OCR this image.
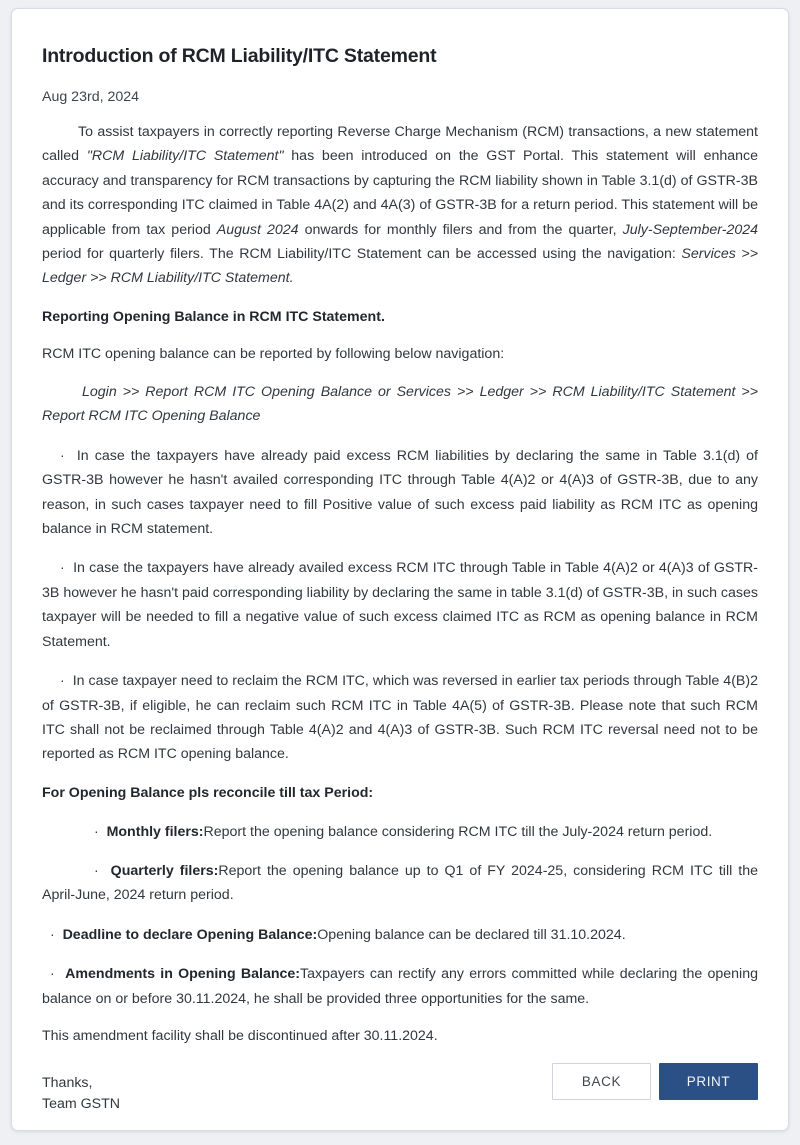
Introduction of RCM Liability/ITC Statement
Aug 23rd, 2024

To assist taxpayers in correctly reporting Reverse Charge Mechanism (RCM) transactions, a new statement called "RCM Liability/ITC Statement" has been introduced on the GST Portal. This statement will enhance accuracy and transparency for RCM transactions by capturing the RCM liability shown in Table 3.1(d) of GSTR-3B and its corresponding ITC claimed in Table 4A(2) and 4A(3) of GSTR-3B for a return period. This statement will be applicable from tax period August 2024 onwards for monthly filers and from the quarter, July-September-2024 period for quarterly filers. The RCM Liability/ITC Statement can be accessed using the navigation: Services >> Ledger >> RCM Liability/ITC Statement.

Reporting Opening Balance in RCM ITC Statement.

RCM ITC opening balance can be reported by following below navigation:

Login >> Report RCM ITC Opening Balance or Services >> Ledger >> RCM Liability/ITC Statement >> Report RCM ITC Opening Balance

· In case the taxpayers have already paid excess RCM liabilities by declaring the same in Table 3.1(d) of GSTR-3B however he hasn't availed corresponding ITC through Table 4(A)2 or 4(A)3 of GSTR-3B, due to any reason, in such cases taxpayer need to fill Positive value of such excess paid liability as RCM ITC as opening balance in RCM statement.

· In case the taxpayers have already availed excess RCM ITC through Table in Table 4(A)2 or 4(A)3 of GSTR-3B however he hasn't paid corresponding liability by declaring the same in table 3.1(d) of GSTR-3B, in such cases taxpayer will be needed to fill a negative value of such excess claimed ITC as RCM as opening balance in RCM Statement.

· In case taxpayer need to reclaim the RCM ITC, which was reversed in earlier tax periods through Table 4(B)2 of GSTR-3B, if eligible, he can reclaim such RCM ITC in Table 4A(5) of GSTR-3B. Please note that such RCM ITC shall not be reclaimed through Table 4(A)2 and 4(A)3 of GSTR-3B. Such RCM ITC reversal need not to be reported as RCM ITC opening balance.

For Opening Balance pls reconcile till tax Period:

· Monthly filers:Report the opening balance considering RCM ITC till the July-2024 return period.

· Quarterly filers:Report the opening balance up to Q1 of FY 2024-25, considering RCM ITC till the April-June, 2024 return period.

· Deadline to declare Opening Balance:Opening balance can be declared till 31.10.2024.

· Amendments in Opening Balance:Taxpayers can rectify any errors committed while declaring the opening balance on or before 30.11.2024, he shall be provided three opportunities for the same.

This amendment facility shall be discontinued after 30.11.2024.

Thanks,
Team GSTN
BACK	PRINT
